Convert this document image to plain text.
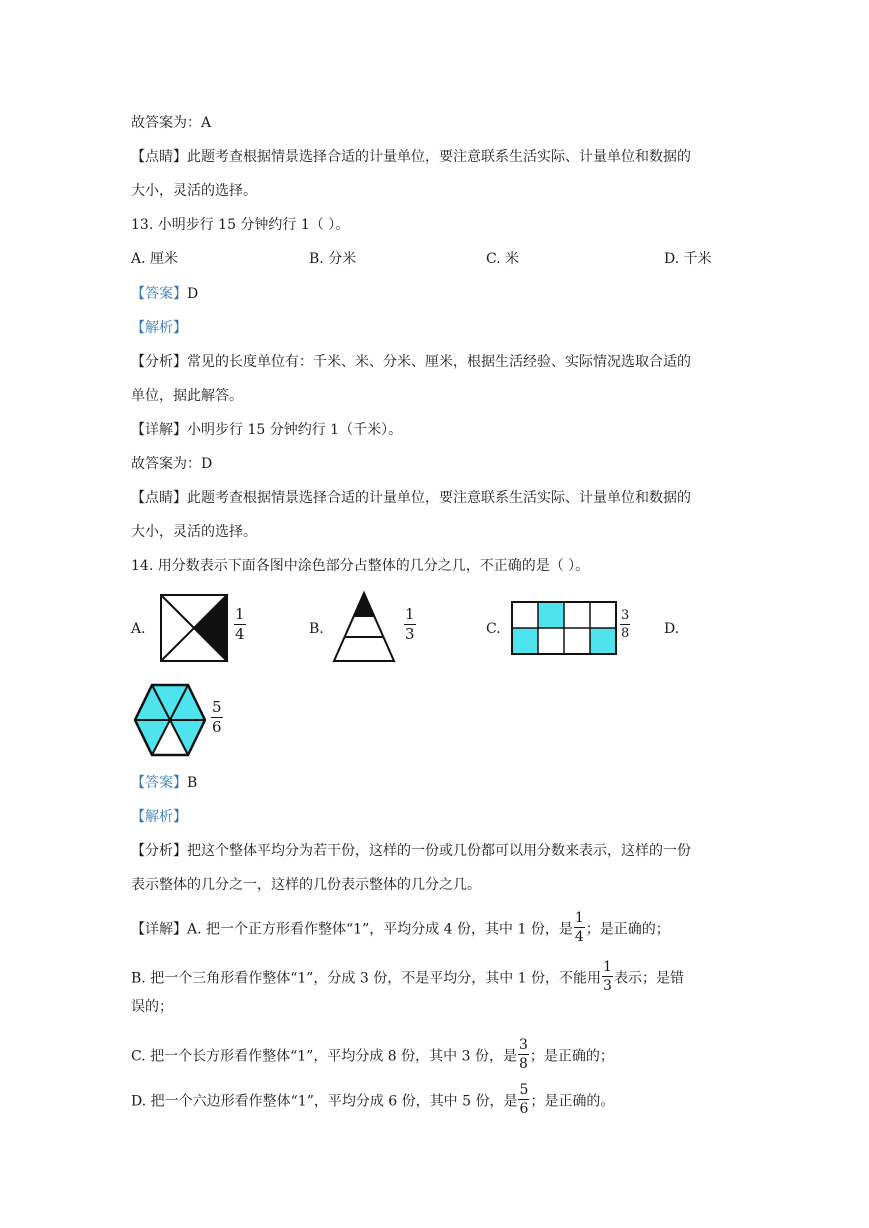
故答案为：A
【点睛】此题考查根据情景选择合适的计量单位，要注意联系生活实际、计量单位和数据的
大小，灵活的选择。
13. 小明步行 15 分钟约行 1（ ）。
A. 厘米	B. 分米	C. 米	D. 千米
【答案】D
【解析】
【分析】常见的长度单位有：千米、米、分米、厘米，根据生活经验、实际情况选取合适的
单位，据此解答。
【详解】小明步行 15 分钟约行 1（千米）。
故答案为：D
【点睛】此题考查根据情景选择合适的计量单位，要注意联系生活实际、计量单位和数据的
大小，灵活的选择。
14. 用分数表示下面各图中涂色部分占整体的几分之几，不正确的是（ ）。
A.
1
4	B.
1
3	C.
3
8 D.
5
6
【答案】B
【解析】
【分析】把这个整体平均分为若干份，这样的一份或几份都可以用分数来表示，这样的一份
表示整体的几分之一，这样的几份表示整体的几分之几。
【详解】A. 把一个正方形看作整体“1”，平均分成 4 份，其中 1 份，是 $\frac{1}{4}$ ；是正确的；
B. 把一个三角形看作整体“1”，分成 3 份，不是平均分，其中 1 份，不能用 $\frac{1}{3}$ 表示；是错
误的；
C. 把一个长方形看作整体“1”，平均分成 8 份，其中 3 份，是 $\frac{3}{8}$ ；是正确的；
D. 把一个六边形看作整体“1”，平均分成 6 份，其中 5 份，是 $\frac{5}{6}$ ；是正确的。
